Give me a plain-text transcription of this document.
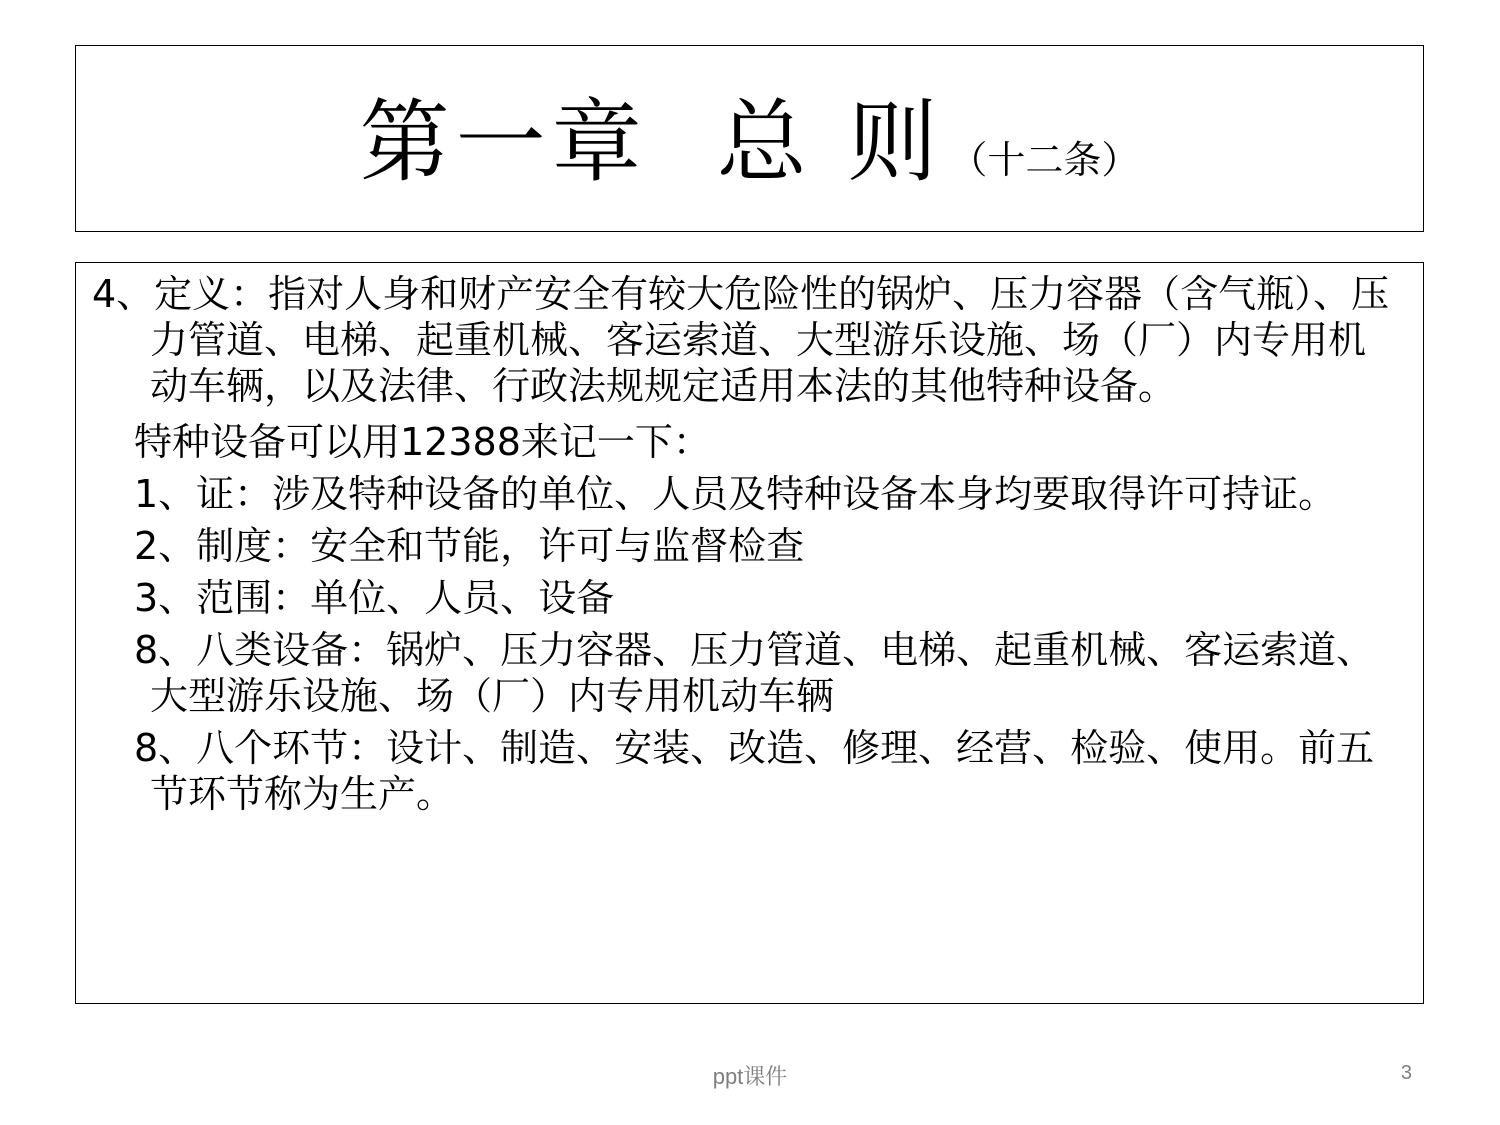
第一章  总 则 （十二条）

4、定义：指对人身和财产安全有较大危险性的锅炉、压力容器（含气瓶）、压力管道、电梯、起重机械、客运索道、大型游乐设施、场（厂）内专用机动车辆，以及法律、行政法规规定适用本法的其他特种设备。

特种设备可以用12388来记一下：

1、证：涉及特种设备的单位、人员及特种设备本身均要取得许可持证。

2、制度：安全和节能，许可与监督检查

3、范围：单位、人员、设备

8、八类设备：锅炉、压力容器、压力管道、电梯、起重机械、客运索道、大型游乐设施、场（厂）内专用机动车辆

8、八个环节：设计、制造、安装、改造、修理、经营、检验、使用。前五节环节称为生产。

ppt课件	3
